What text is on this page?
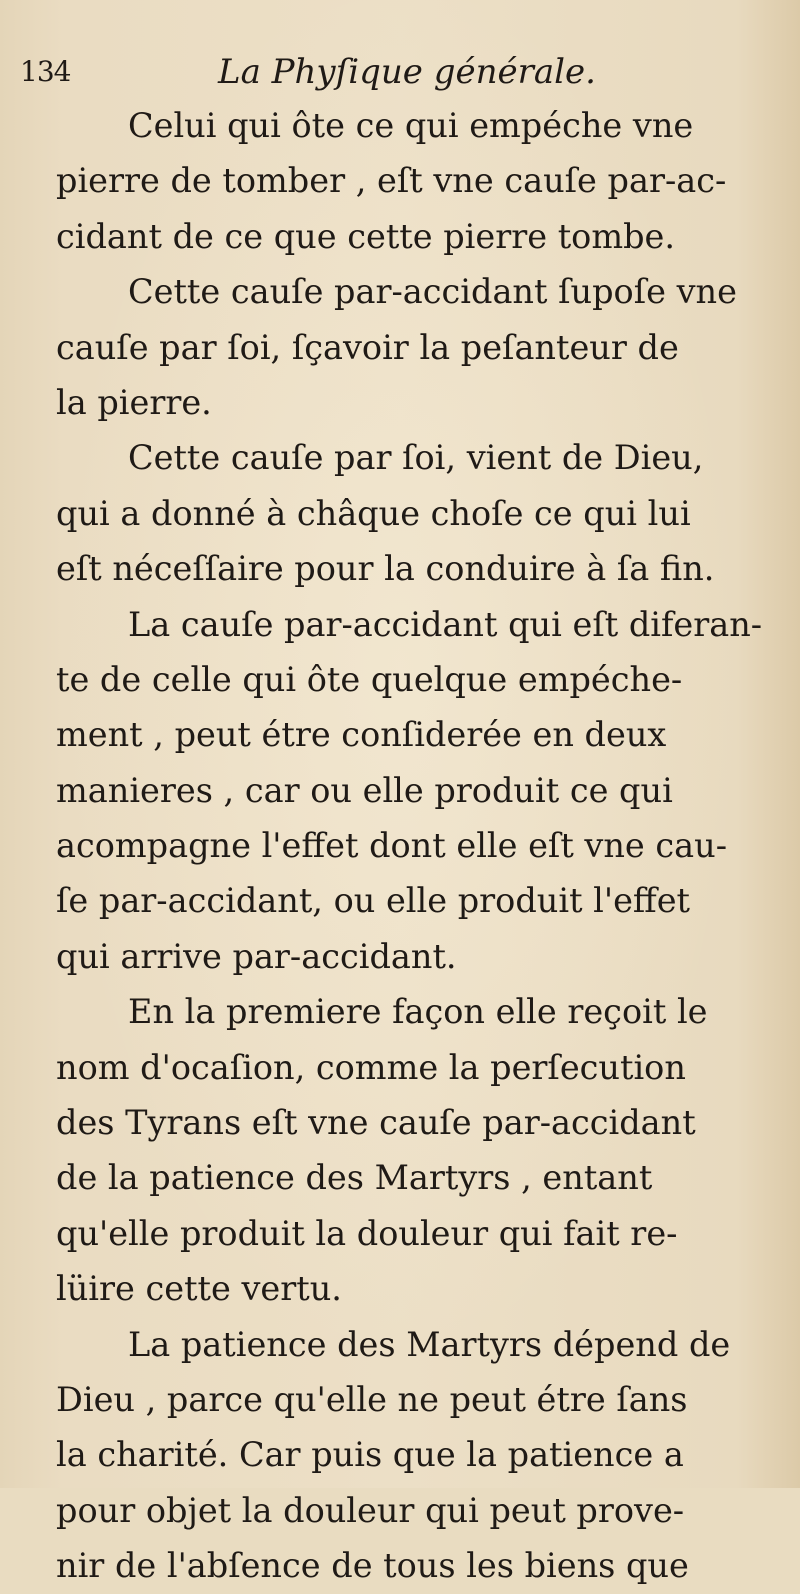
134	La Phyſique générale.
Celui qui ôte ce qui empéche vne
pierre de tomber , eſt vne cauſe par-ac-
cidant de ce que cette pierre tombe.
Cette cauſe par-accidant ſupoſe vne
cauſe par ſoi, ſçavoir la peſanteur de
la pierre.
Cette cauſe par ſoi, vient de Dieu,
qui a donné à châque choſe ce qui lui
eſt néceſſaire pour la conduire à ſa fin.
La cauſe par-accidant qui eſt diferan-
te de celle qui ôte quelque empéche-
ment , peut étre conſiderée en deux
manieres , car ou elle produit ce qui
acompagne l'effet dont elle eſt vne cau-
ſe par-accidant, ou elle produit l'effet
qui arrive par-accidant.
En la premiere façon elle reçoit le
nom d'ocaſion, comme la perſecution
des Tyrans eſt vne cauſe par-accidant
de la patience des Martyrs , entant
qu'elle produit la douleur qui fait re-
lüire cette vertu.
La patience des Martyrs dépend de
Dieu , parce qu'elle ne peut étre ſans
la charité. Car puis que la patience a
pour objet la douleur qui peut prove-
nir de l'abſence de tous les biens que
